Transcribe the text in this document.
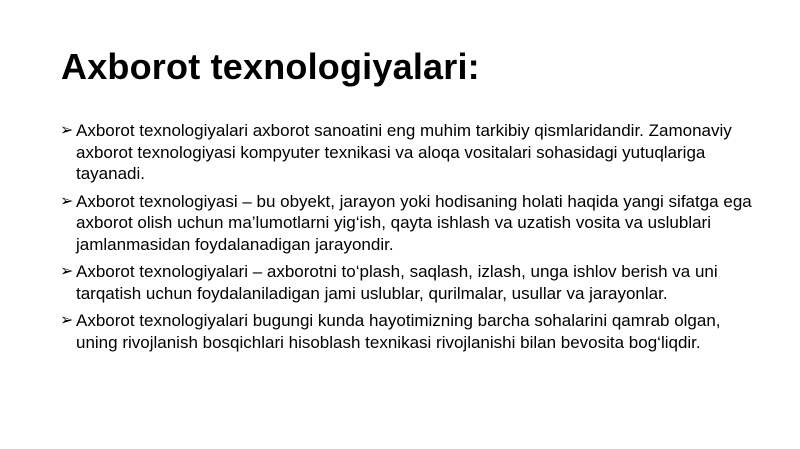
Axborot texnologiyalari:
➢ Axborot texnologiyalari axborot sanoatini eng muhim tarkibiy qismlaridandir. Zamonaviy axborot texnologiyasi kompyuter texnikasi va aloqa vositalari sohasidagi yutuqlariga tayanadi.
➢ Axborot texnologiyasi – bu obyekt, jarayon yoki hodisaning holati haqida yangi sifatga ega axborot olish uchun ma’lumotlarni yig‘ish, qayta ishlash va uzatish vosita va uslublari jamlanmasidan foydalanadigan jarayondir.
➢ Axborot texnologiyalari – axborotni to‘plash, saqlash, izlash, unga ishlov berish va uni tarqatish uchun foydalaniladigan jami uslublar, qurilmalar, usullar va jarayonlar.
➢ Axborot texnologiyalari bugungi kunda hayotimizning barcha sohalarini qamrab olgan, uning rivojlanish bosqichlari hisoblash texnikasi rivojlanishi bilan bevosita bog‘liqdir.
